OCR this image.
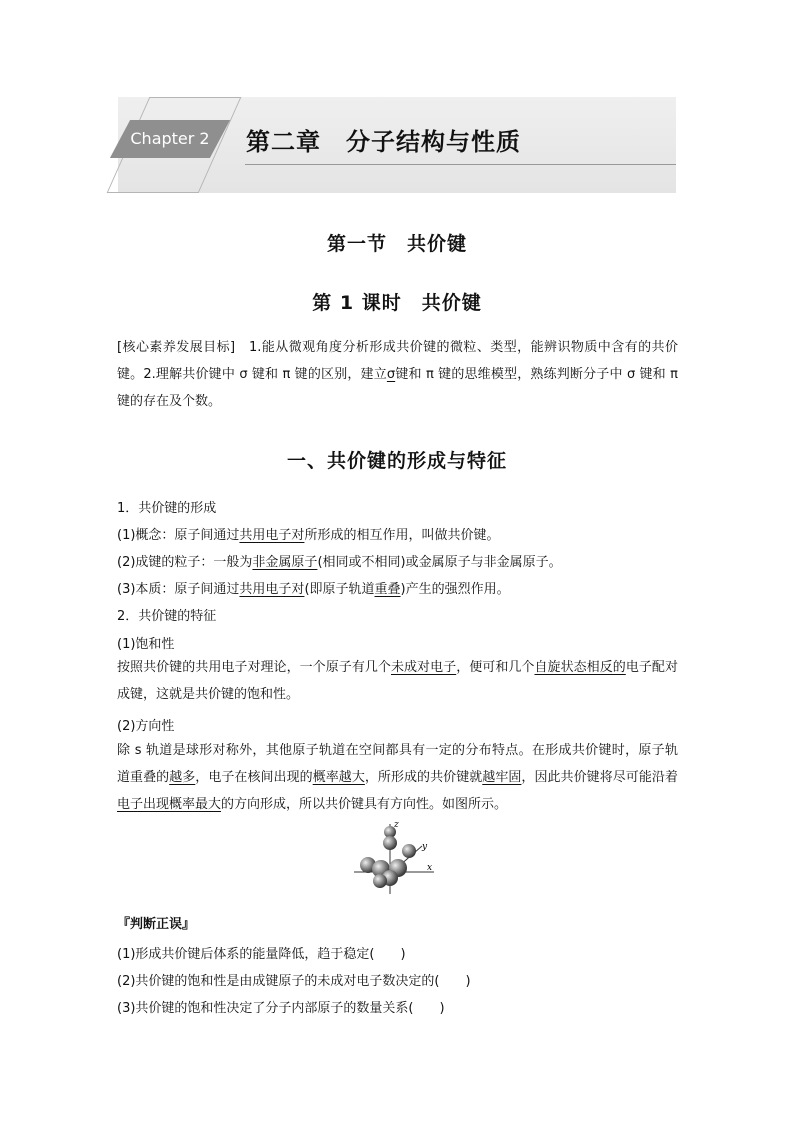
Chapter 2	第二章　分子结构与性质
第一节　共价键
第 1 课时　共价键

[核心素养发展目标]　 1.能从微观角度分析形成共价键的微粒、类型，能辨识物质中含有的共价键。2.理解共价键中 σ 键和 π 键的区别，建立σ键和 π 键的思维模型，熟练判断分子中 σ 键和 π 键的存在及个数。

一、共价键的形成与特征
1．共价键的形成
(1)概念：原子间通过共用电子对所形成的相互作用，叫做共价键。
(2)成键的粒子：一般为非金属原子(相同或不相同)或金属原子与非金属原子。
(3)本质：原子间通过共用电子对(即原子轨道重叠)产生的强烈作用。
2．共价键的特征
(1)饱和性

按照共价键的共用电子对理论，一个原子有几个未成对电子，便可和几个自旋状态相反的电子配对成键，这就是共价键的饱和性。

(2)方向性

除 s 轨道是球形对称外，其他原子轨道在空间都具有一定的分布特点。在形成共价键时，原子轨道重叠的越多，电子在核间出现的概率越大，所形成的共价键就越牢固，因此共价键将尽可能沿着电子出现概率最大的方向形成，所以共价键具有方向性。如图所示。

z
y
x
『判断正误』
(1)形成共价键后体系的能量降低，趋于稳定(　　)
(2)共价键的饱和性是由成键原子的未成对电子数决定的(　　)
(3)共价键的饱和性决定了分子内部原子的数量关系(　　)
